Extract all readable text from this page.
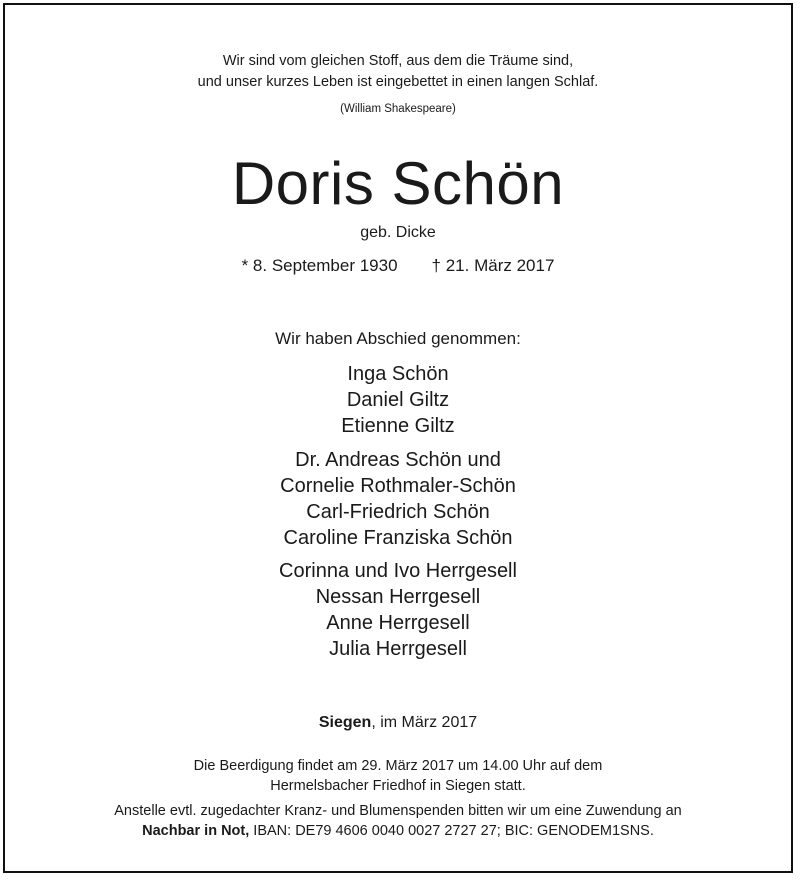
Wir sind vom gleichen Stoff, aus dem die Träume sind,
und unser kurzes Leben ist eingebettet in einen langen Schlaf.
(William Shakespeare)
Doris Schön
geb. Dicke
* 8. September 1930 † 21. März 2017
Wir haben Abschied genommen:
Inga Schön
Daniel Giltz
Etienne Giltz
Dr. Andreas Schön und
Cornelie Rothmaler-Schön
Carl-Friedrich Schön
Caroline Franziska Schön
Corinna und Ivo Herrgesell
Nessan Herrgesell
Anne Herrgesell
Julia Herrgesell
Siegen, im März 2017
Die Beerdigung findet am 29. März 2017 um 14.00 Uhr auf dem
Hermelsbacher Friedhof in Siegen statt.
Anstelle evtl. zugedachter Kranz- und Blumenspenden bitten wir um eine Zuwendung an
Nachbar in Not, IBAN: DE79 4606 0040 0027 2727 27; BIC: GENODEM1SNS.
